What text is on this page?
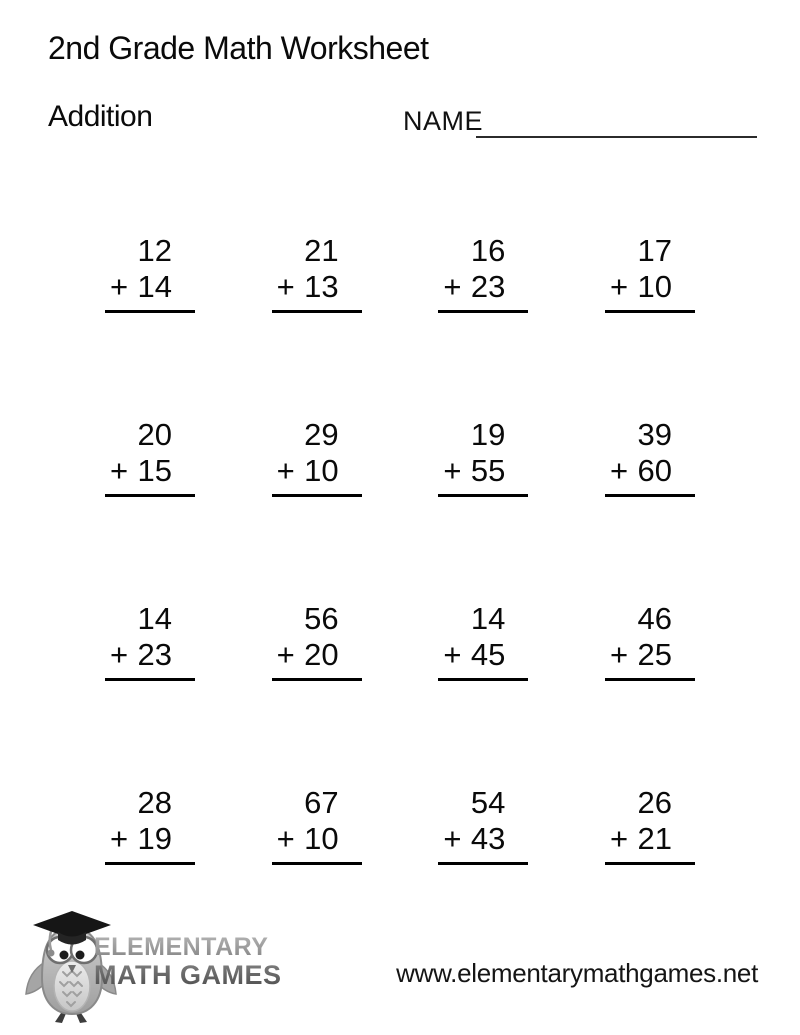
2nd Grade Math Worksheet
Addition	NAME
12
+ 14
21
+ 13
16
+ 23
17
+ 10
20
+ 15
29
+ 10
19
+ 55
39
+ 60
14
+ 23
56
+ 20
14
+ 45
46
+ 25
28
+ 19
67
+ 10
54
+ 43
26
+ 21
ELEMENTARY
MATH GAMES	www.elementarymathgames.net
